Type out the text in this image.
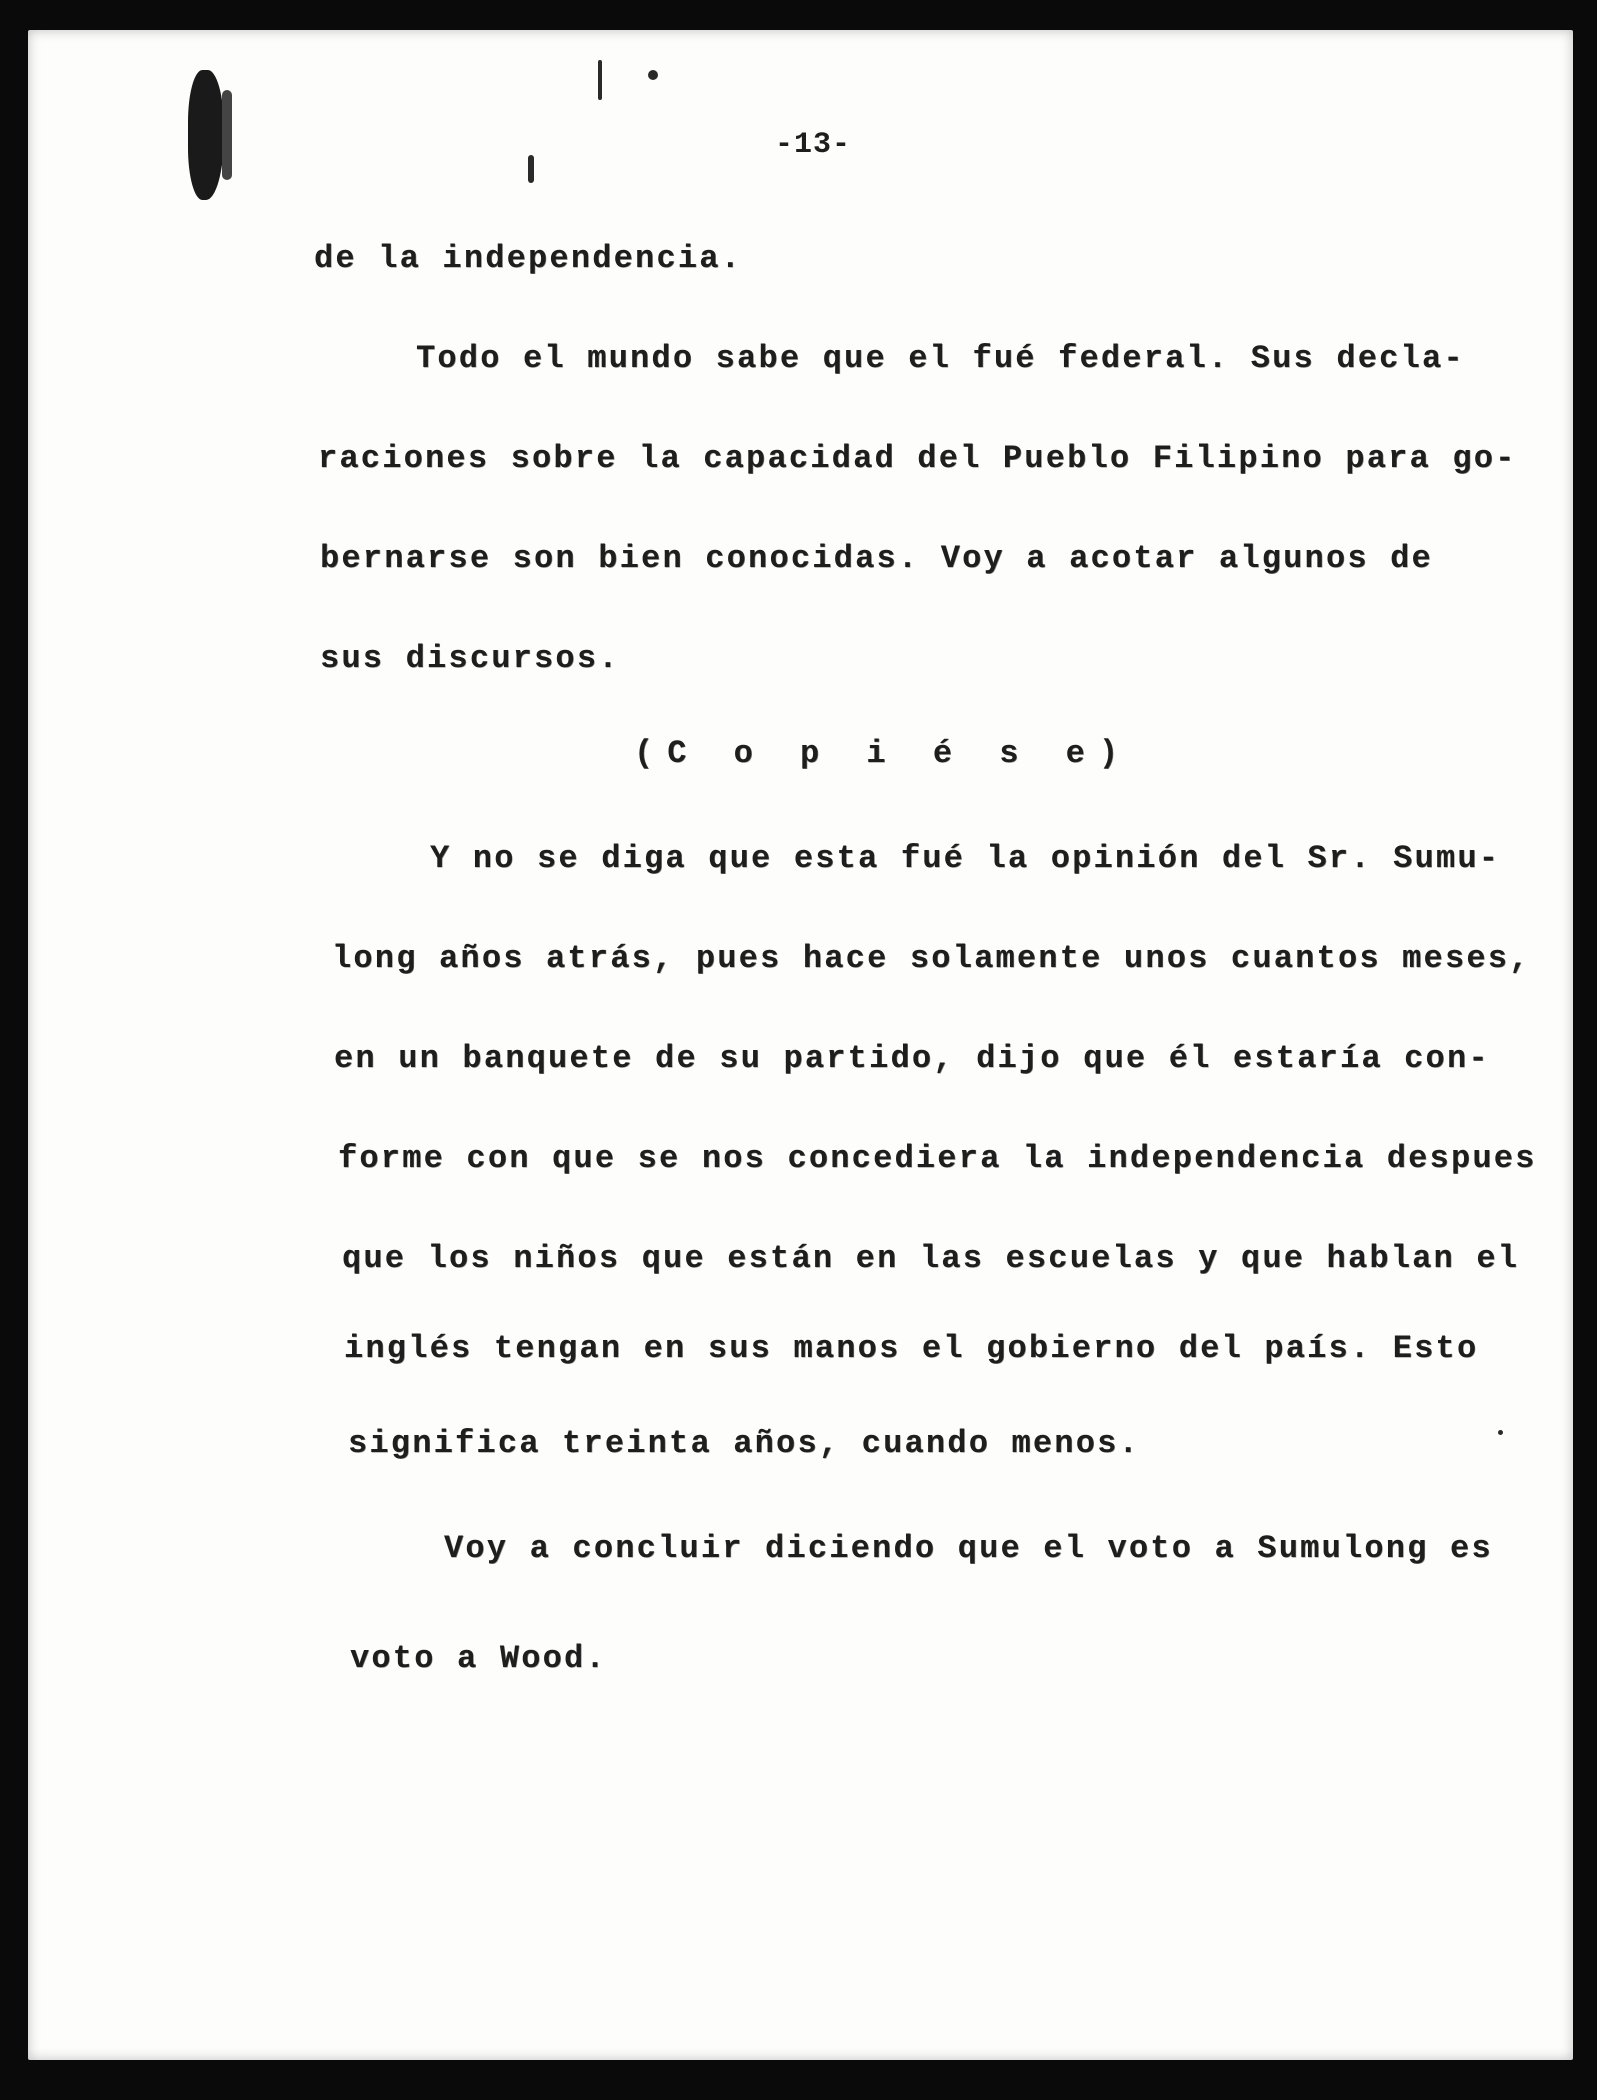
-13-
de la independencia.
Todo el mundo sabe que el fué federal. Sus decla-
raciones sobre la capacidad del Pueblo Filipino para go-
bernarse son bien conocidas. Voy a acotar algunos de
sus discursos.
(C o p i é s e)
Y no se diga que esta fué la opinión del Sr. Sumu-
long años atrás, pues hace solamente unos cuantos meses,
en un banquete de su partido, dijo que él estaría con-
forme con que se nos concediera la independencia despues
que los niños que están en las escuelas y que hablan el
inglés tengan en sus manos el gobierno del país. Esto
significa treinta años, cuando menos.
Voy a concluir diciendo que el voto a Sumulong es
voto a Wood.
